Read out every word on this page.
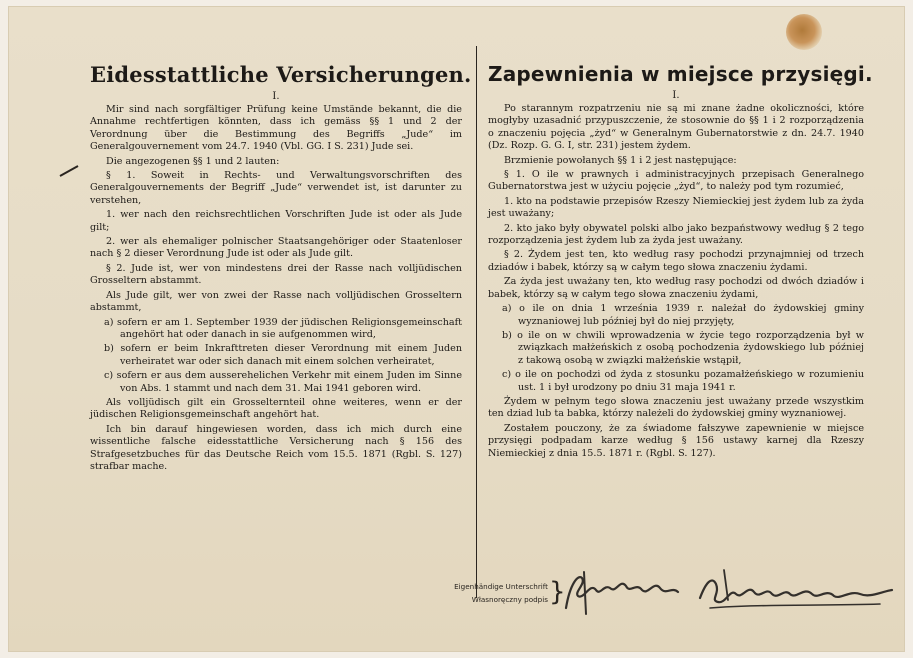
Eidesstattliche Versicherungen.
I.

Mir sind nach sorgfältiger Prüfung keine Umstände bekannt, die die Annahme rechtfertigen könnten, dass ich gemäss §§ 1 und 2 der Verordnung über die Bestimmung des Begriffs „Jude“ im Generalgouvernement vom 24.7. 1940 (Vbl. GG. I S. 231) Jude sei.

Die angezogenen §§ 1 und 2 lauten:

§ 1. Soweit in Rechts- und Verwaltungsvorschriften des Generalgouvernements der Begriff „Jude“ verwendet ist, ist darunter zu verstehen,

1. wer nach den reichsrechtlichen Vorschriften Jude ist oder als Jude gilt;

2. wer als ehemaliger polnischer Staatsangehöriger oder Staatenloser nach § 2 dieser Verordnung Jude ist oder als Jude gilt.

§ 2. Jude ist, wer von mindestens drei der Rasse nach volljüdischen Grosseltern abstammt.

Als Jude gilt, wer von zwei der Rasse nach volljüdischen Grosseltern abstammt,

a) sofern er am 1. September 1939 der jüdischen Religionsgemeinschaft angehört hat oder danach in sie aufgenommen wird,

b) sofern er beim Inkrafttreten dieser Verordnung mit einem Juden verheiratet war oder sich danach mit einem solchen verheiratet,

c) sofern er aus dem ausserehelichen Verkehr mit einem Juden im Sinne von Abs. 1 stammt und nach dem 31. Mai 1941 geboren wird.

Als volljüdisch gilt ein Grosselternteil ohne weiteres, wenn er der jüdischen Religionsgemeinschaft angehört hat.

Ich bin darauf hingewiesen worden, dass ich mich durch eine wissentliche falsche eidesstattliche Versicherung nach § 156 des Strafgesetzbuches für das Deutsche Reich vom 15.5. 1871 (Rgbl. S. 127) strafbar mache.

Zapewnienia w miejsce przysięgi.
I.

Po starannym rozpatrzeniu nie są mi znane żadne okoliczności, które mogłyby uzasadnić przypuszczenie, że stosownie do §§ 1 i 2 rozporządzenia o znaczeniu pojęcia „żyd“ w Generalnym Gubernatorstwie z dn. 24.7. 1940 (Dz. Rozp. G. G. I, str. 231) jestem żydem.

Brzmienie powołanych §§ 1 i 2 jest następujące:

§ 1. O ile w prawnych i administracyjnych przepisach Generalnego Gubernatorstwa jest w użyciu pojęcie „żyd“, to należy pod tym rozumieć,

1. kto na podstawie przepisów Rzeszy Niemieckiej jest żydem lub za żyda jest uważany;

2. kto jako były obywatel polski albo jako bezpaństwowy według § 2 tego rozporządzenia jest żydem lub za żyda jest uważany.

§ 2. Żydem jest ten, kto według rasy pochodzi przynajmniej od trzech dziadów i babek, którzy są w całym tego słowa znaczeniu żydami.

Za żyda jest uważany ten, kto według rasy pochodzi od dwóch dziadów i babek, którzy są w całym tego słowa znaczeniu żydami,

a) o ile on dnia 1 września 1939 r. należał do żydowskiej gminy wyznaniowej lub później był do niej przyjęty,

b) o ile on w chwili wprowadzenia w życie tego rozporządzenia był w związkach małżeńskich z osobą pochodzenia żydowskiego lub później z takową osobą w związki małżeńskie wstąpił,

c) o ile on pochodzi od żyda z stosunku pozamałżeńskiego w rozumieniu ust. 1 i był urodzony po dniu 31 maja 1941 r.

Żydem w pełnym tego słowa znaczeniu jest uważany przede wszystkim ten dziad lub ta babka, którzy należeli do żydowskiej gminy wyznaniowej.

Zostałem pouczony, że za świadome fałszywe zapewnienie w miejsce przysięgi podpadam karze według § 156 ustawy karnej dla Rzeszy Niemieckiej z dnia 15.5. 1871 r. (Rgbl. S. 127).

Eigenhändige Unterschrift
Własnoręczny podpis }
